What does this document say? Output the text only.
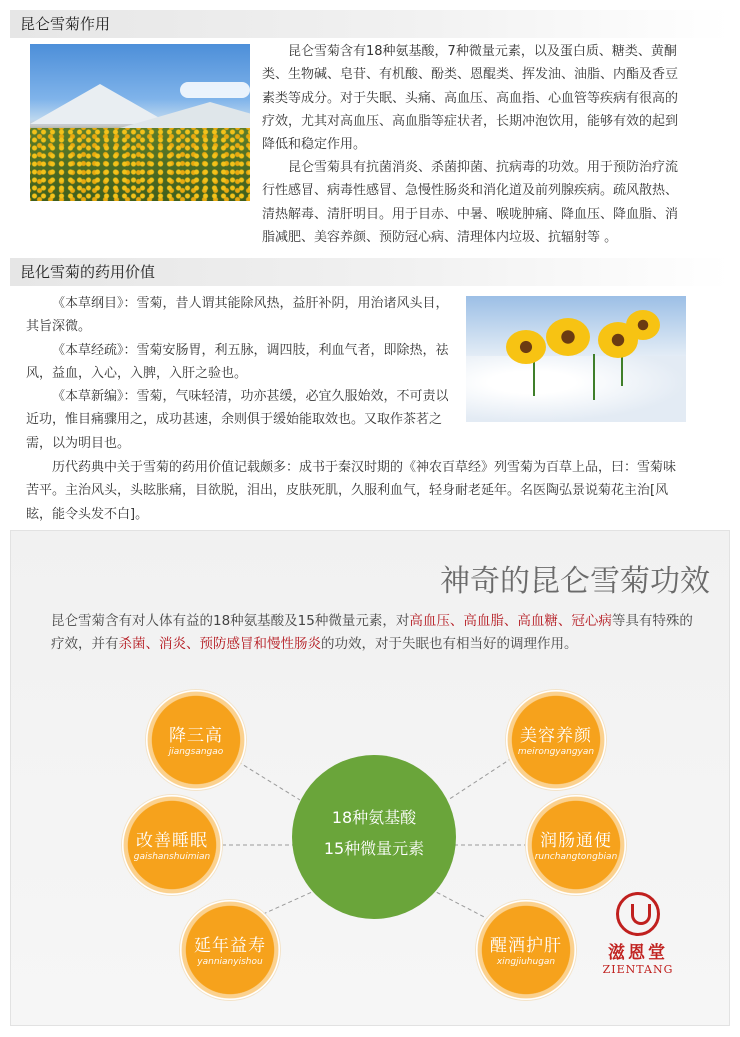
昆仑雪菊作用

昆仑雪菊含有18种氨基酸，7种微量元素，以及蛋白质、糖类、黄酮类、生物碱、皂苷、有机酸、酚类、恩醌类、挥发油、油脂、内酯及香豆素类等成分。对于失眠、头痛、高血压、高血指、心血管等疾病有很高的疗效，尤其对高血压、高血脂等症状者，长期冲泡饮用，能够有效的起到降低和稳定作用。

昆仑雪菊具有抗菌消炎、杀菌抑菌、抗病毒的功效。用于预防治疗流行性感冒、病毒性感冒、急慢性肠炎和消化道及前列腺疾病。疏风散热、清热解毒、清肝明目。用于目赤、中暑、喉咙肿痛、降血压、降血脂、消脂减肥、美容养颜、预防冠心病、清理体内垃圾、抗辐射等 。

昆化雪菊的药用价值

《本草纲目》：雪菊，昔人谓其能除风热，益肝补阴，用治诸风头目，其旨深微。

《本草经疏》：雪菊安肠胃，利五脉，调四肢，利血气者，即除热，祛风，益血，入心，入脾，入肝之验也。

《本草新编》：雪菊，气味轻清，功亦甚缓，必宜久服始效，不可责以近功，惟目痛骤用之，成功甚速，余则俱于缓始能取效也。又取作茶茗之需，以为明目也。

历代药典中关于雪菊的药用价值记载颇多：成书于秦汉时期的《神农百草经》列雪菊为百草上品，曰：雪菊味苦平。主治风头，头眩胀痛，目欲脱，泪出，皮肤死肌，久服利血气，轻身耐老延年。名医陶弘景说菊花主治[风眩，能令头发不白]。

神奇的昆仑雪菊功效
昆仑雪菊含有对人体有益的18种氨基酸及15种微量元素，对高血压、高血脂、高血糖、冠心病等具有特殊的疗效，并有杀菌、消炎、预防感冒和慢性肠炎的功效，对于失眠也有相当好的调理作用。
降三高
jiangsangao
美容养颜
meirongyangyan
改善睡眠
gaishanshuimian
润肠通便
runchangtongbian
延年益寿
yannianyishou
醒酒护肝
xingjiuhugan
18种氨基酸
15种微量元素
滋恩堂
ZIENTANG
